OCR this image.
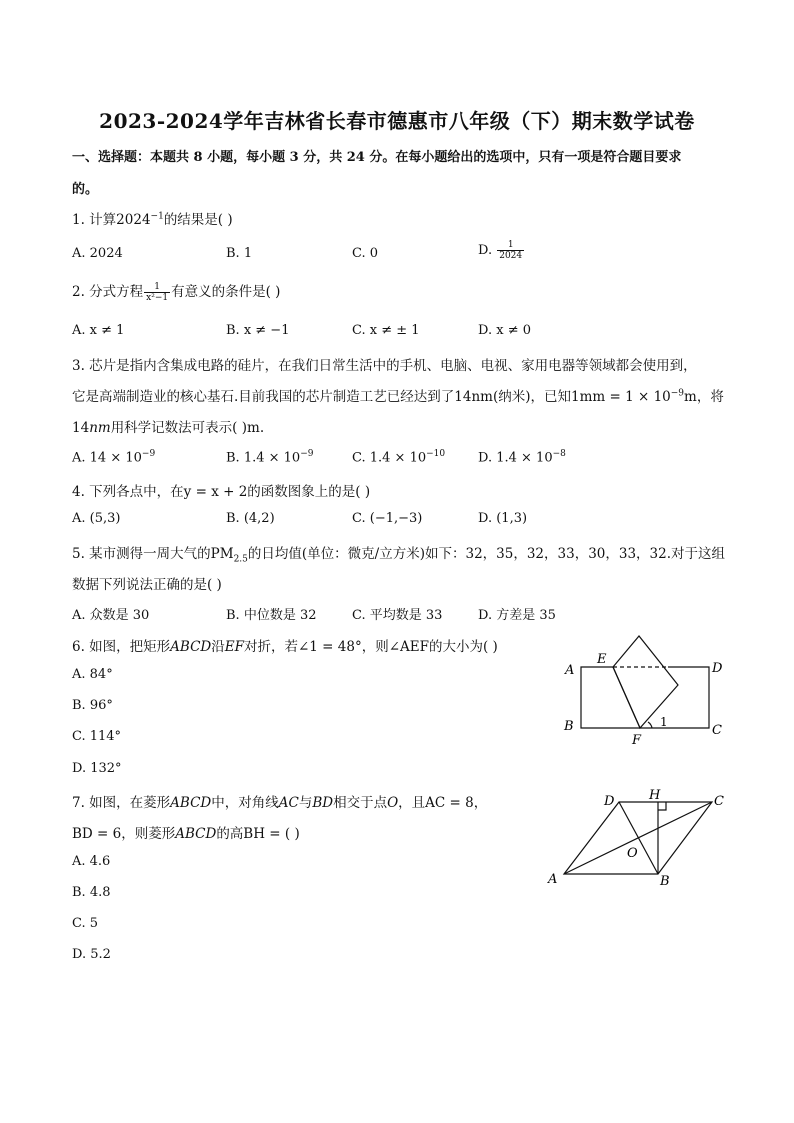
2023-2024学年吉林省长春市德惠市八年级（下）期末数学试卷
一、选择题：本题共 8 小题，每小题 3 分，共 24 分。在每小题给出的选项中，只有一项是符合题目要求
的。
1. 计算$2024^{-1}$的结果是( )
A. 2024	B. 1	C. 0	D. $\frac{1}{2024}$
2. 分式方程 $\frac{1}{\text{x²−1}}$ 有意义的条件是( )
A. x ≠ 1	B. x ≠ −1	C. x ≠ ± 1	D. x ≠ 0
3. 芯片是指内含集成电路的硅片，在我们日常生活中的手机、电脑、电视、家用电器等领域都会使用到，
它是高端制造业的核心基石.目前我国的芯片制造工艺已经达到了14nm(纳米)，已知$1mm = 1 \times 10^{-9}m$，将
14nm用科学记数法可表示( )m.
A. $14 \times 10^{-9}$	B. $1.4 \times 10^{-9}$	C. $1.4 \times 10^{-10}$	D. $1.4 \times 10^{-8}$
4. 下列各点中，在y = x + 2的函数图象上的是( )
A. (5,3)	B. (4,2)	C. (−1,−3)	D. (1,3)
5. 某市测得一周大气的$PM_{2.5}$的日均值(单位：微克/立方米)如下：32，35，32，33，30，33，32.对于这组
数据下列说法正确的是( )
A. 众数是 30	B. 中位数是 32	C. 平均数是 33	D. 方差是 35
6. 如图，把矩形ABCD沿EF对折，若∠1 = 48°，则∠AEF的大小为( )
A. 84°
B. 96°
C. 114°
D. 132°
A
E
D
B
F
C
1
7. 如图，在菱形ABCD中，对角线AC与BD相交于点O，且AC = 8，
BD = 6，则菱形ABCD的高BH = ( )
A. 4.6
B. 4.8
C. 5
D. 5.2
D	H	C
O
A	B
